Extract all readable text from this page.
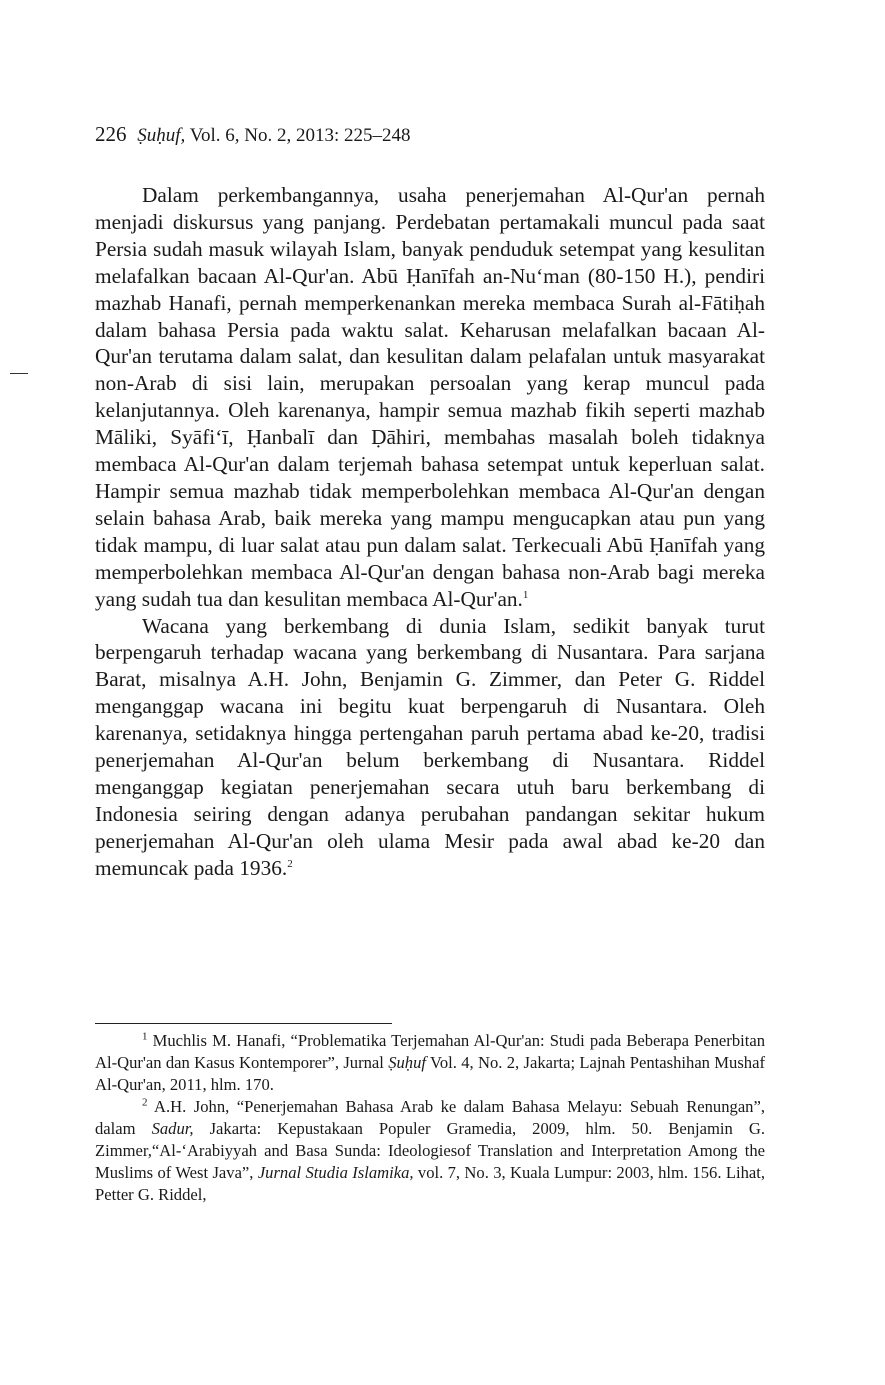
226 Ṣuḥuf, Vol. 6, No. 2, 2013: 225–248

Dalam perkembangannya, usaha penerjemahan Al-Qur'an pernah menjadi diskursus yang panjang. Perdebatan pertamakali muncul pada saat Persia sudah masuk wilayah Islam, banyak penduduk setempat yang kesulitan melafalkan bacaan Al-Qur'an. Abū Ḥanīfah an-Nu‘man (80-150 H.), pendiri mazhab Hanafi, pernah memperkenankan mereka membaca Surah al-Fātiḥah dalam bahasa Persia pada waktu salat. Keharusan melafalkan bacaan Al-Qur'an terutama dalam salat, dan kesulitan dalam pelafalan untuk masyarakat non-Arab di sisi lain, merupakan persoalan yang kerap muncul pada kelanjutannya. Oleh karenanya, hampir semua mazhab fikih seperti mazhab Māliki, Syāfi‘ī, Ḥanbalī dan Ḍāhiri, membahas masalah boleh tidaknya membaca Al-Qur'an dalam terjemah bahasa setempat untuk keperluan salat. Hampir semua mazhab tidak memperbolehkan membaca Al-Qur'an dengan selain bahasa Arab, baik mereka yang mampu mengucapkan atau pun yang tidak mampu, di luar salat atau pun dalam salat. Terkecuali Abū Ḥanīfah yang memperbolehkan membaca Al-Qur'an dengan bahasa non-Arab bagi mereka yang sudah tua dan kesulitan membaca Al-Qur'an.$^1$

Wacana yang berkembang di dunia Islam, sedikit banyak turut berpengaruh terhadap wacana yang berkembang di Nusantara. Para sarjana Barat, misalnya A.H. John, Benjamin G. Zimmer, dan Peter G. Riddel menganggap wacana ini begitu kuat berpengaruh di Nusantara. Oleh karenanya, setidaknya hingga pertengahan paruh pertama abad ke-20, tradisi penerjemahan Al-Qur'an belum berkembang di Nusantara. Riddel menganggap kegiatan penerjemahan secara utuh baru berkembang di Indonesia seiring dengan adanya perubahan pandangan sekitar hukum penerjemahan Al-Qur'an oleh ulama Mesir pada awal abad ke-20 dan memuncak pada 1936.$^2$

$^1$ Muchlis M. Hanafi, “Problematika Terjemahan Al-Qur'an: Studi pada Beberapa Penerbitan Al-Qur'an dan Kasus Kontemporer”, Jurnal Ṣuḥuf Vol. 4, No. 2, Jakarta; Lajnah Pentashihan Mushaf Al-Qur'an, 2011, hlm. 170.

$^2$ A.H. John, “Penerjemahan Bahasa Arab ke dalam Bahasa Melayu: Sebuah Renungan”, dalam Sadur, Jakarta: Kepustakaan Populer Gramedia, 2009, hlm. 50. Benjamin G. Zimmer,“Al-‘Arabiyyah and Basa Sunda: Ideologiesof Translation and Interpretation Among the Muslims of West Java”, Jurnal Studia Islamika, vol. 7, No. 3, Kuala Lumpur: 2003, hlm. 156. Lihat, Petter G. Riddel,
